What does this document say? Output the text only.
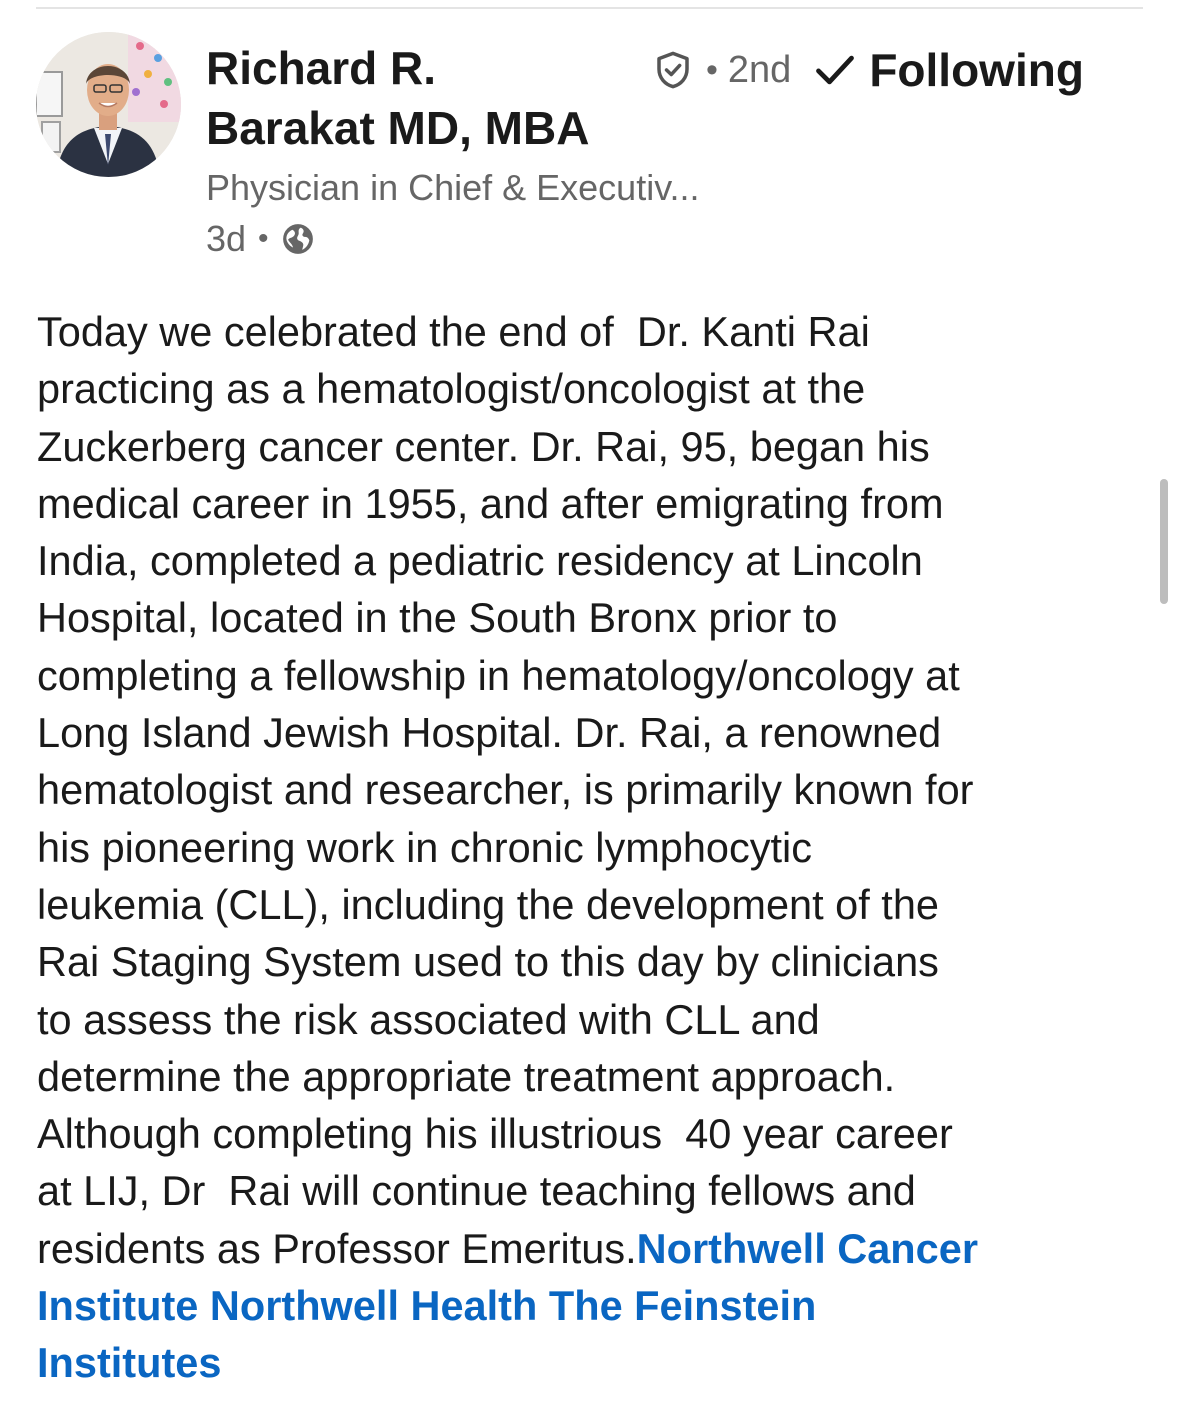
Richard R.
Barakat MD, MBA
• 2nd Following
Physician in Chief & Executiv...
3d •
Today we celebrated the end of  Dr. Kanti Rai
practicing as a hematologist/oncologist at the
Zuckerberg cancer center. Dr. Rai, 95, began his
medical career in 1955, and after emigrating from
India, completed a pediatric residency at Lincoln
Hospital, located in the South Bronx prior to
completing a fellowship in hematology/oncology at
Long Island Jewish Hospital. Dr. Rai, a renowned
hematologist and researcher, is primarily known for
his pioneering work in chronic lymphocytic
leukemia (CLL), including the development of the
Rai Staging System used to this day by clinicians
to assess the risk associated with CLL and
determine the appropriate treatment approach.
Although completing his illustrious  40 year career
at LIJ, Dr  Rai will continue teaching fellows and
residents as Professor Emeritus.Northwell Cancer
Institute Northwell Health The Feinstein
Institutes
